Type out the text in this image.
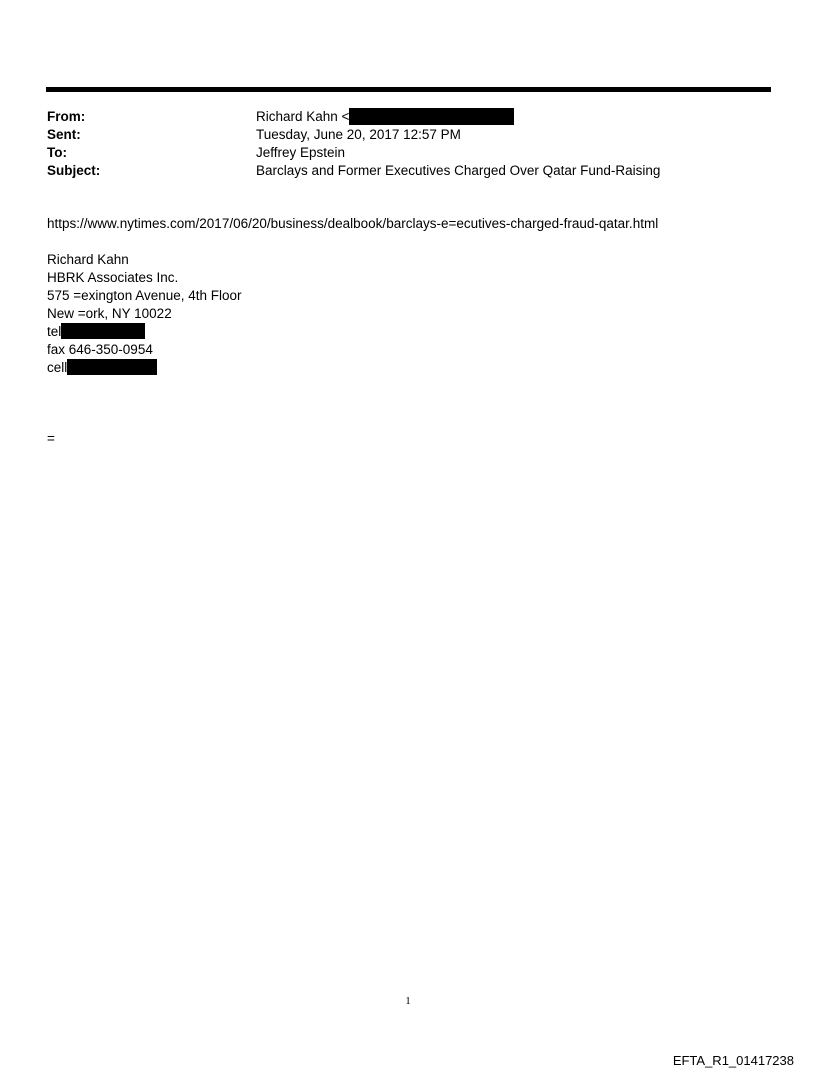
From:	Richard Kahn <
Sent:	Tuesday, June 20, 2017 12:57 PM
To:	Jeffrey Epstein
Subject:	Barclays and Former Executives Charged Over Qatar Fund-Raising
https://www.nytimes.com/2017/06/20/business/dealbook/barclays-e=ecutives-charged-fraud-qatar.html
Richard Kahn
HBRK Associates Inc.
575 =exington Avenue, 4th Floor
New =ork, NY 10022
tel
fax 646-350-0954
cell
=
1
EFTA_R1_01417238
